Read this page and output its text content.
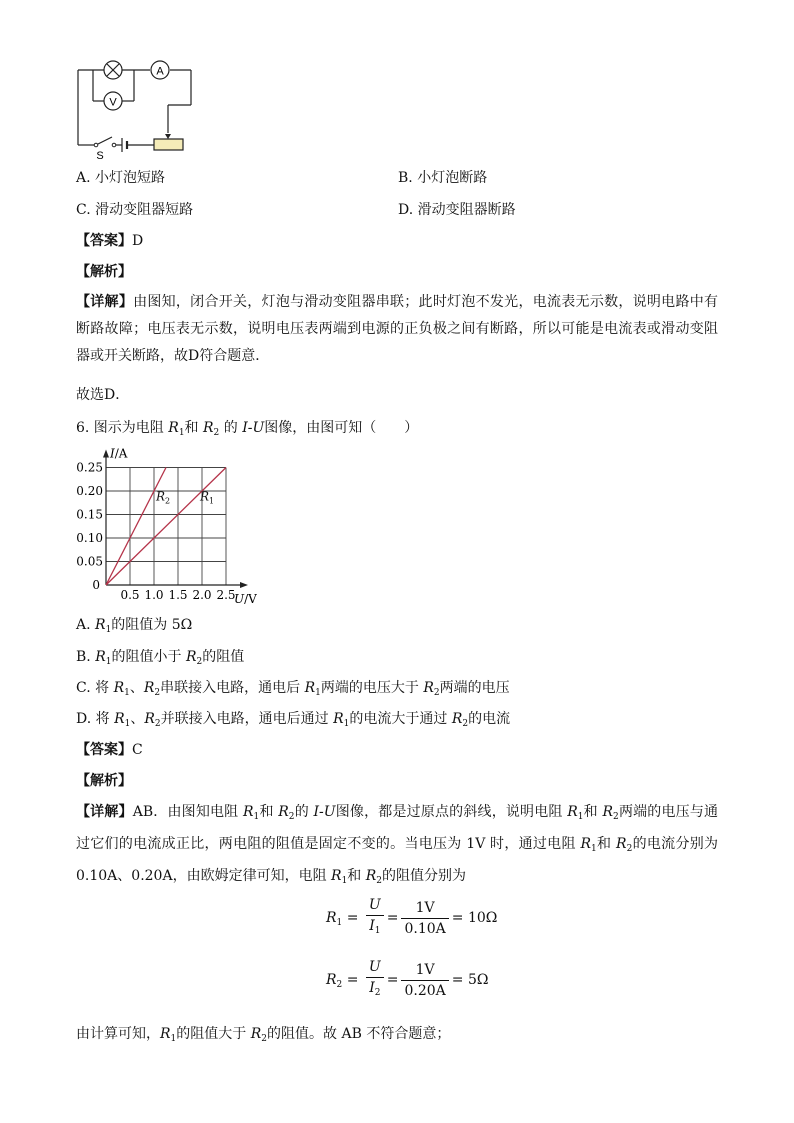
V
A
S
A. 小灯泡短路	B. 小灯泡断路
C. 滑动变阻器短路	D. 滑动变阻器断路
【答案】D
【解析】
【详解】由图知，闭合开关，灯泡与滑动变阻器串联；此时灯泡不发光，电流表无示数，说明电路中有断路故障；电压表无示数，说明电压表两端到电源的正负极之间有断路，所以可能是电流表或滑动变阻器或开关断路，故D符合题意．
故选D．
6. 图示为电阻 $R_1$和 $R_2$ 的 I-U图像，由图可知（　　）
$R_2$ $R_1$
0.25
0.20
0.15
0.10
0.05
0.5 1.0 1.5 2.0 2.5
0
I/A
U/V
A. $R_1$的阻值为 5Ω
B. $R_1$的阻值小于 $R_2$的阻值
C. 将 $R_1$、$R_2$串联接入电路，通电后 $R_1$两端的电压大于 $R_2$两端的电压
D. 将 $R_1$、$R_2$并联接入电路，通电后通过 $R_1$的电流大于通过 $R_2$的电流
【答案】C
【解析】
【详解】AB．由图知电阻 $R_1$和 $R_2$的 I-U图像，都是过原点的斜线，说明电阻 $R_1$和 $R_2$两端的电压与通过它们的电流成正比，两电阻的阻值是固定不变的。当电压为 1V 时，通过电阻 $R_1$和 $R_2$的电流分别为 0.10A、0.20A，由欧姆定律可知，电阻 $R_1$和 $R_2$的阻值分别为
$R_1 = \frac{U}{I_1} = \frac{1V}{0.10A} = 10\Omega$
$R_2 = \frac{U}{I_2} = \frac{1V}{0.20A} = 5\Omega$
由计算可知，$R_1$的阻值大于 $R_2$的阻值。故 AB 不符合题意；
